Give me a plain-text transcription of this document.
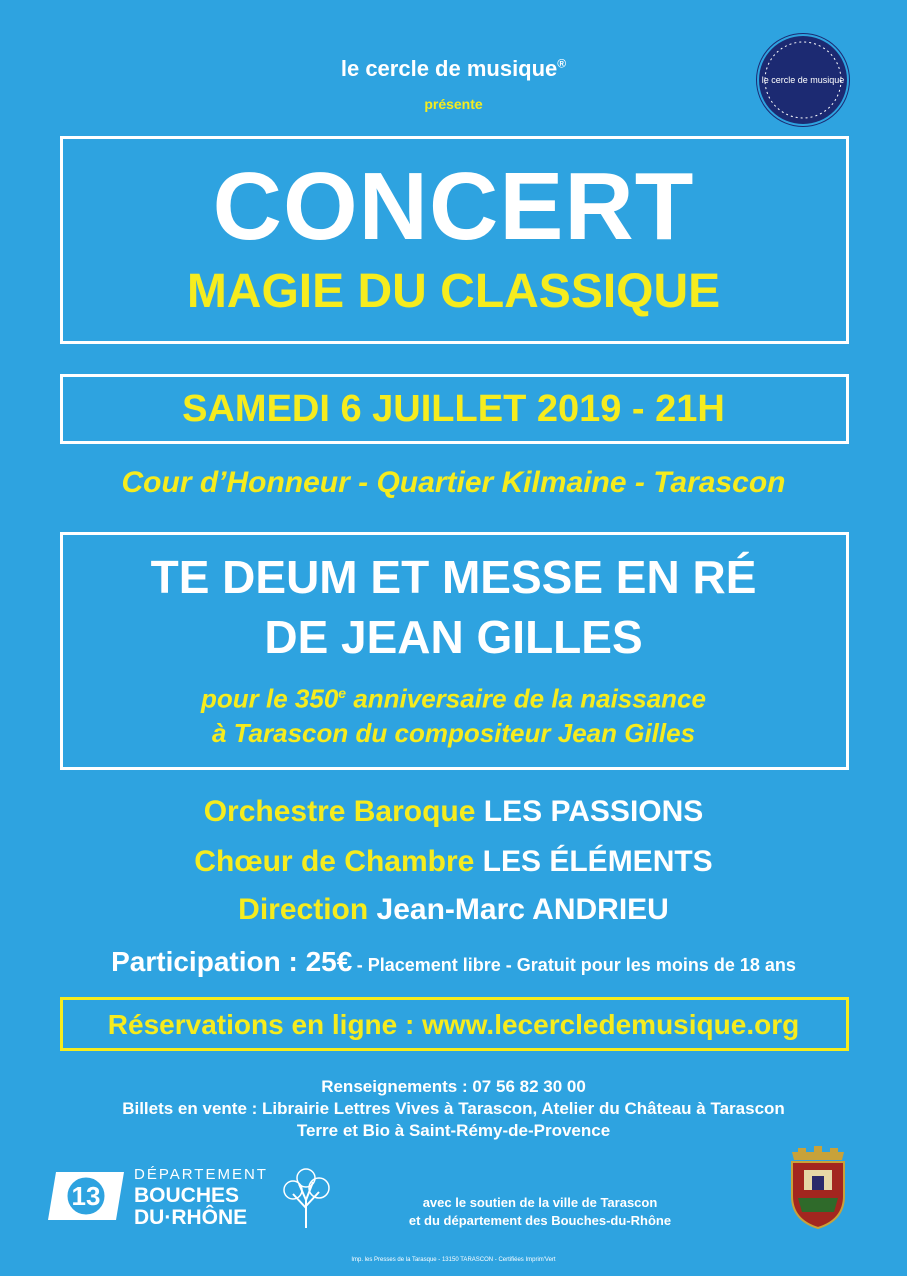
le cercle de musique®
présente
le cercle de musique
CONCERT
MAGIE DU CLASSIQUE
SAMEDI 6 JUILLET 2019 - 21H
Cour d’Honneur - Quartier Kilmaine - Tarascon
TE DEUM ET MESSE EN RÉ
DE JEAN GILLES
pour le 350e anniversaire de la naissance
à Tarascon du compositeur Jean Gilles
Orchestre Baroque LES PASSIONS
Chœur de Chambre LES ÉLÉMENTS
Direction Jean-Marc ANDRIEU
Participation : 25€ - Placement libre - Gratuit pour les moins de 18 ans
Réservations en ligne : www.lecercledemusique.org
Renseignements : 07 56 82 30 00
Billets en vente : Librairie Lettres Vives à Tarascon, Atelier du Château à Tarascon
Terre et Bio à Saint-Rémy-de-Provence
13
DÉPARTEMENT
BOUCHES
DU·RHÔNE
avec le soutien de la ville de Tarascon
et du département des Bouches-du-Rhône
Imp. les Presses de la Tarasque - 13150 TARASCON - Certifiées Imprim'Vert
